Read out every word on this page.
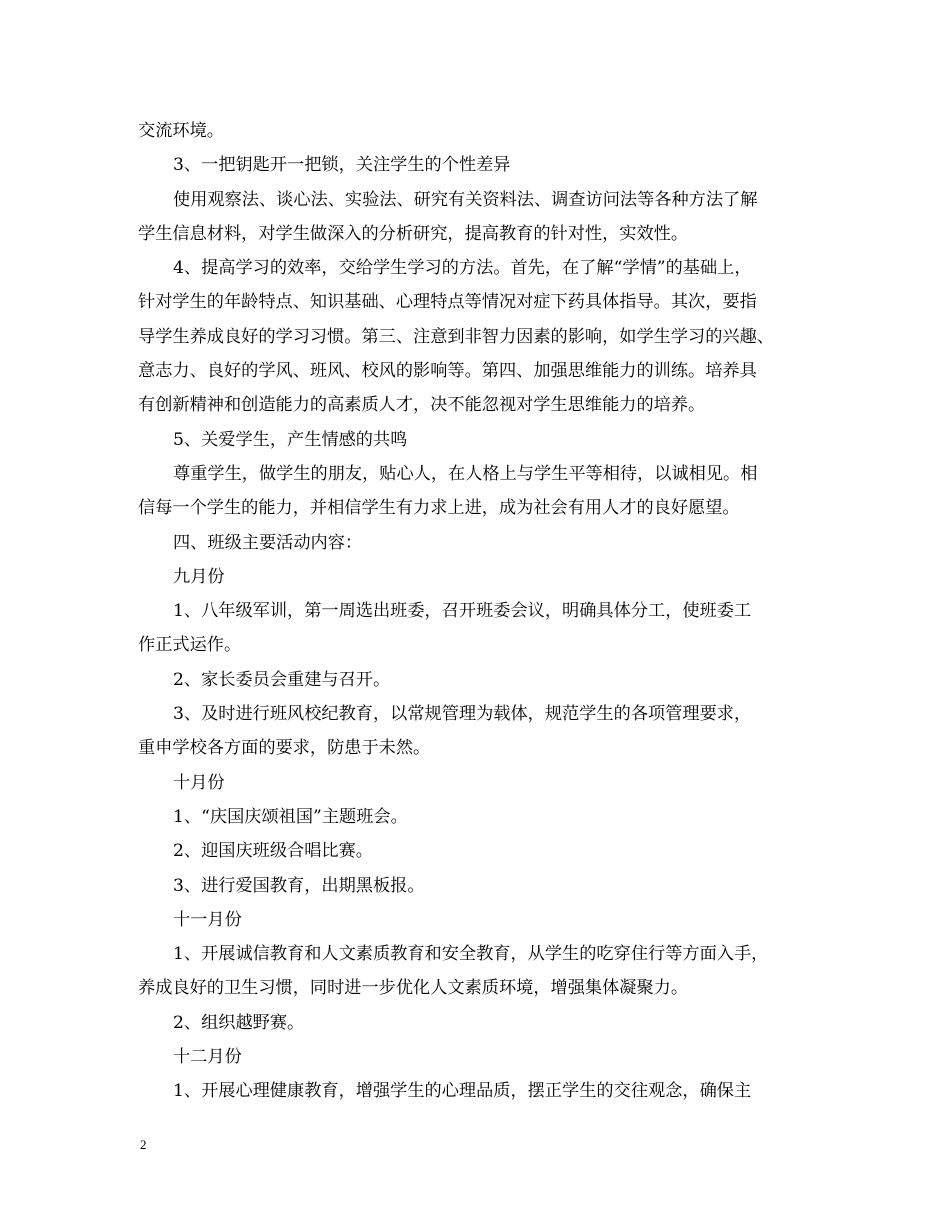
交流环境。
3、一把钥匙开一把锁，关注学生的个性差异
使用观察法、谈心法、实验法、研究有关资料法、调查访问法等各种方法了解
学生信息材料，对学生做深入的分析研究，提高教育的针对性，实效性。
4、提高学习的效率，交给学生学习的方法。首先，在了解“学情”的基础上，
针对学生的年龄特点、知识基础、心理特点等情况对症下药具体指导。其次，要指
导学生养成良好的学习习惯。第三、注意到非智力因素的影响，如学生学习的兴趣、
意志力、良好的学风、班风、校风的影响等。第四、加强思维能力的训练。培养具
有创新精神和创造能力的高素质人才，决不能忽视对学生思维能力的培养。
5、关爱学生，产生情感的共鸣
尊重学生，做学生的朋友，贴心人，在人格上与学生平等相待，以诚相见。相
信每一个学生的能力，并相信学生有力求上进，成为社会有用人才的良好愿望。
四、班级主要活动内容：
九月份
1、八年级军训，第一周选出班委，召开班委会议，明确具体分工，使班委工
作正式运作。
2、家长委员会重建与召开。
3、及时进行班风校纪教育，以常规管理为载体，规范学生的各项管理要求，
重申学校各方面的要求，防患于未然。
十月份
1、“庆国庆颂祖国”主题班会。
2、迎国庆班级合唱比赛。
3、进行爱国教育，出期黑板报。
十一月份
1、开展诚信教育和人文素质教育和安全教育，从学生的吃穿住行等方面入手，
养成良好的卫生习惯，同时进一步优化人文素质环境，增强集体凝聚力。
2、组织越野赛。
十二月份
1、开展心理健康教育，增强学生的心理品质，摆正学生的交往观念，确保主
2
